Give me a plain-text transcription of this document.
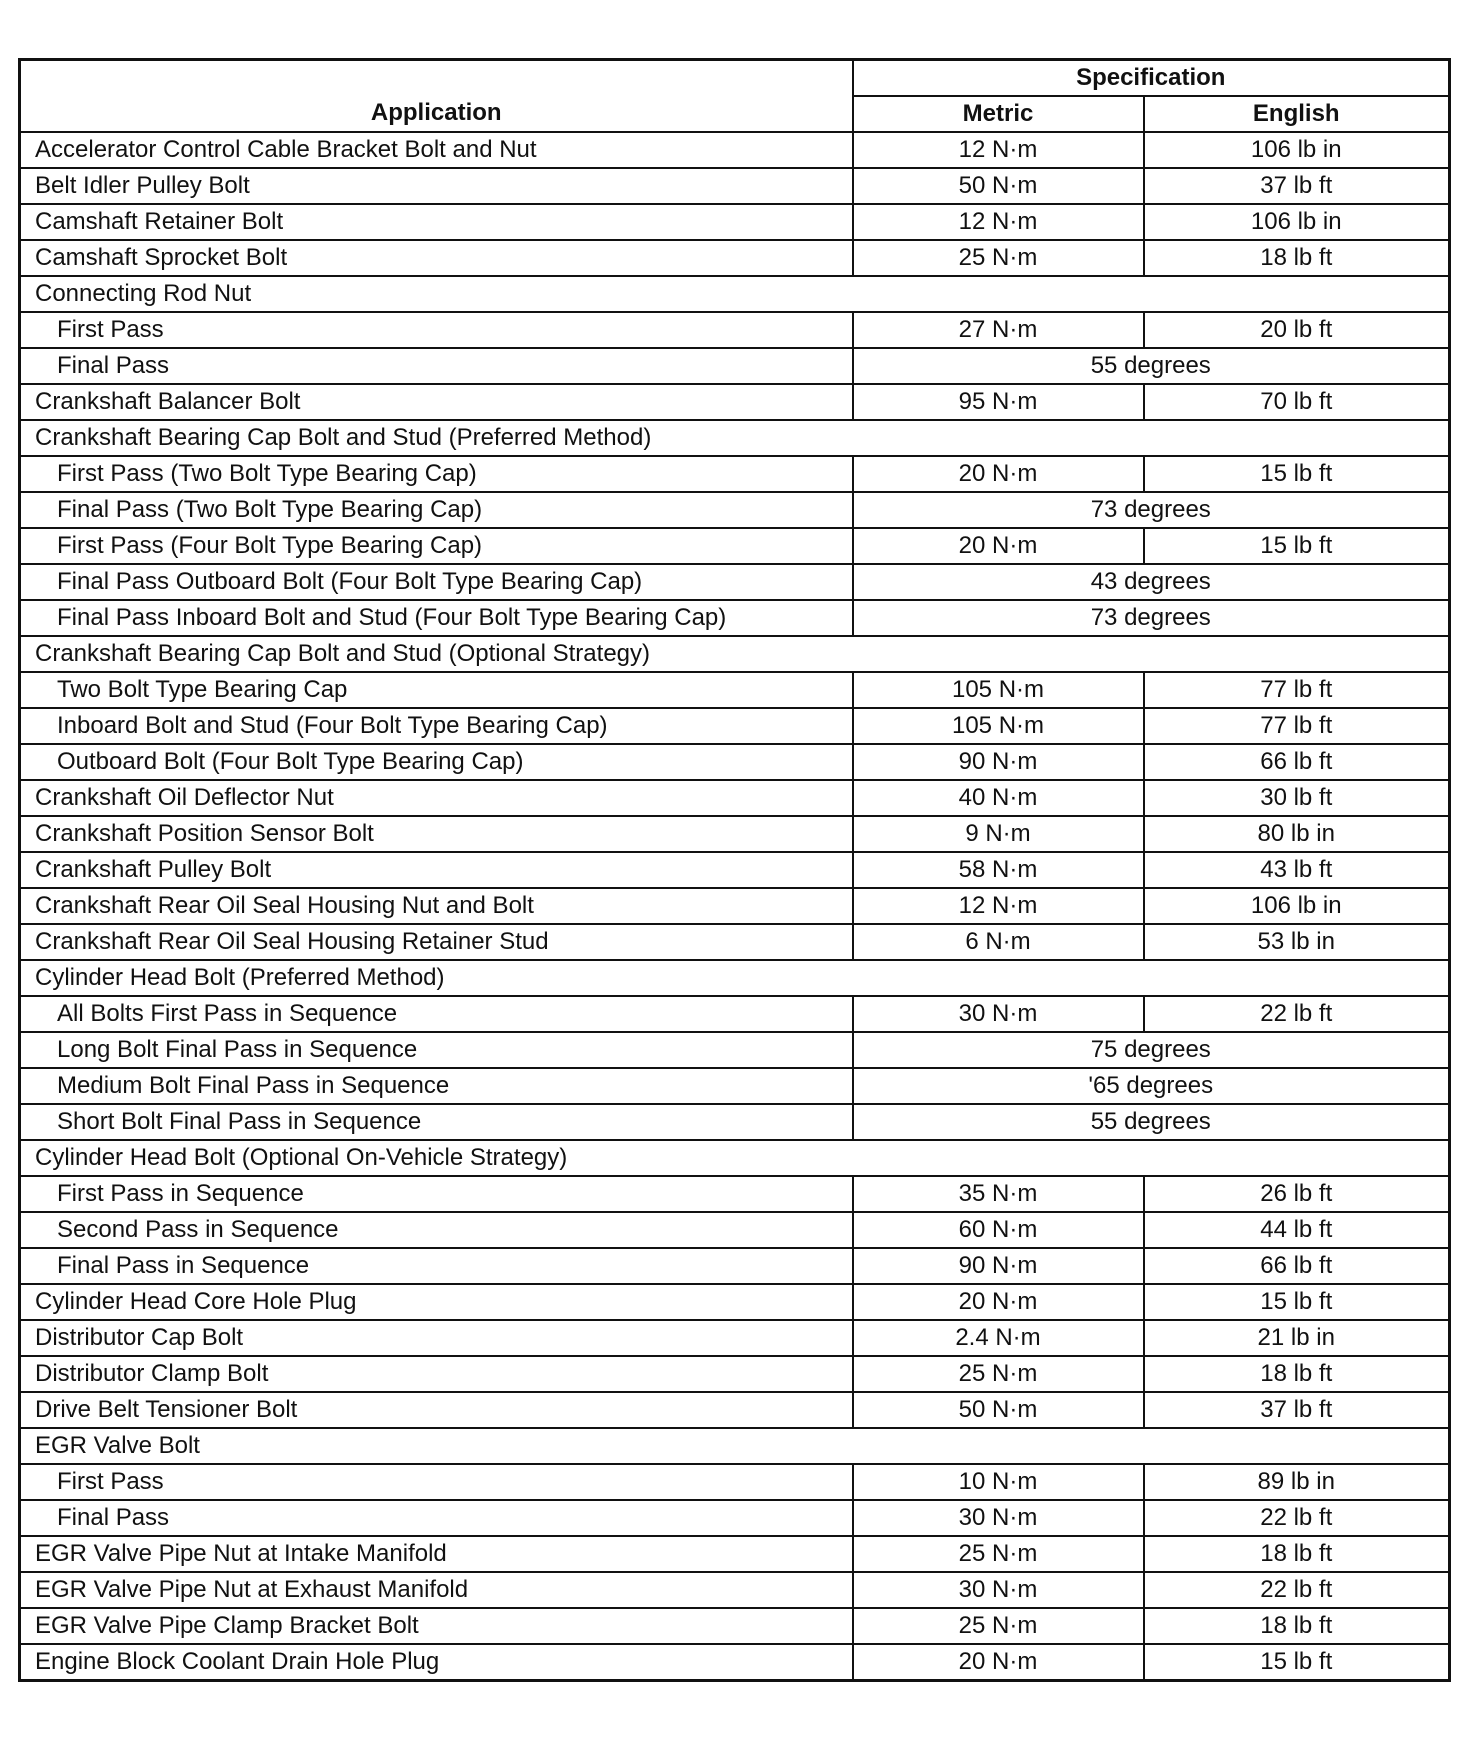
Application	Specification	
	Metric	English
Accelerator Control Cable Bracket Bolt and Nut	12 N·m	106 lb in
Belt Idler Pulley Bolt	50 N·m	37 lb ft
Camshaft Retainer Bolt	12 N·m	106 lb in
Camshaft Sprocket Bolt	25 N·m	18 lb ft
Connecting Rod Nut		
First Pass	27 N·m	20 lb ft
Final Pass	55 degrees	
Crankshaft Balancer Bolt	95 N·m	70 lb ft
Crankshaft Bearing Cap Bolt and Stud (Preferred Method)		
First Pass (Two Bolt Type Bearing Cap)	20 N·m	15 lb ft
Final Pass (Two Bolt Type Bearing Cap)	73 degrees	
First Pass (Four Bolt Type Bearing Cap)	20 N·m	15 lb ft
Final Pass Outboard Bolt (Four Bolt Type Bearing Cap)	43 degrees	
Final Pass Inboard Bolt and Stud (Four Bolt Type Bearing Cap)	73 degrees	
Crankshaft Bearing Cap Bolt and Stud (Optional Strategy)		
Two Bolt Type Bearing Cap	105 N·m	77 lb ft
Inboard Bolt and Stud (Four Bolt Type Bearing Cap)	105 N·m	77 lb ft
Outboard Bolt (Four Bolt Type Bearing Cap)	90 N·m	66 lb ft
Crankshaft Oil Deflector Nut	40 N·m	30 lb ft
Crankshaft Position Sensor Bolt	9 N·m	80 lb in
Crankshaft Pulley Bolt	58 N·m	43 lb ft
Crankshaft Rear Oil Seal Housing Nut and Bolt	12 N·m	106 lb in
Crankshaft Rear Oil Seal Housing Retainer Stud	6 N·m	53 lb in
Cylinder Head Bolt (Preferred Method)		
All Bolts First Pass in Sequence	30 N·m	22 lb ft
Long Bolt Final Pass in Sequence	75 degrees	
Medium Bolt Final Pass in Sequence	'65 degrees	
Short Bolt Final Pass in Sequence	55 degrees	
Cylinder Head Bolt (Optional On-Vehicle Strategy)		
First Pass in Sequence	35 N·m	26 lb ft
Second Pass in Sequence	60 N·m	44 lb ft
Final Pass in Sequence	90 N·m	66 lb ft
Cylinder Head Core Hole Plug	20 N·m	15 lb ft
Distributor Cap Bolt	2.4 N·m	21 lb in
Distributor Clamp Bolt	25 N·m	18 lb ft
Drive Belt Tensioner Bolt	50 N·m	37 lb ft
EGR Valve Bolt		
First Pass	10 N·m	89 lb in
Final Pass	30 N·m	22 lb ft
EGR Valve Pipe Nut at Intake Manifold	25 N·m	18 lb ft
EGR Valve Pipe Nut at Exhaust Manifold	30 N·m	22 lb ft
EGR Valve Pipe Clamp Bracket Bolt	25 N·m	18 lb ft
Engine Block Coolant Drain Hole Plug	20 N·m	15 lb ft
